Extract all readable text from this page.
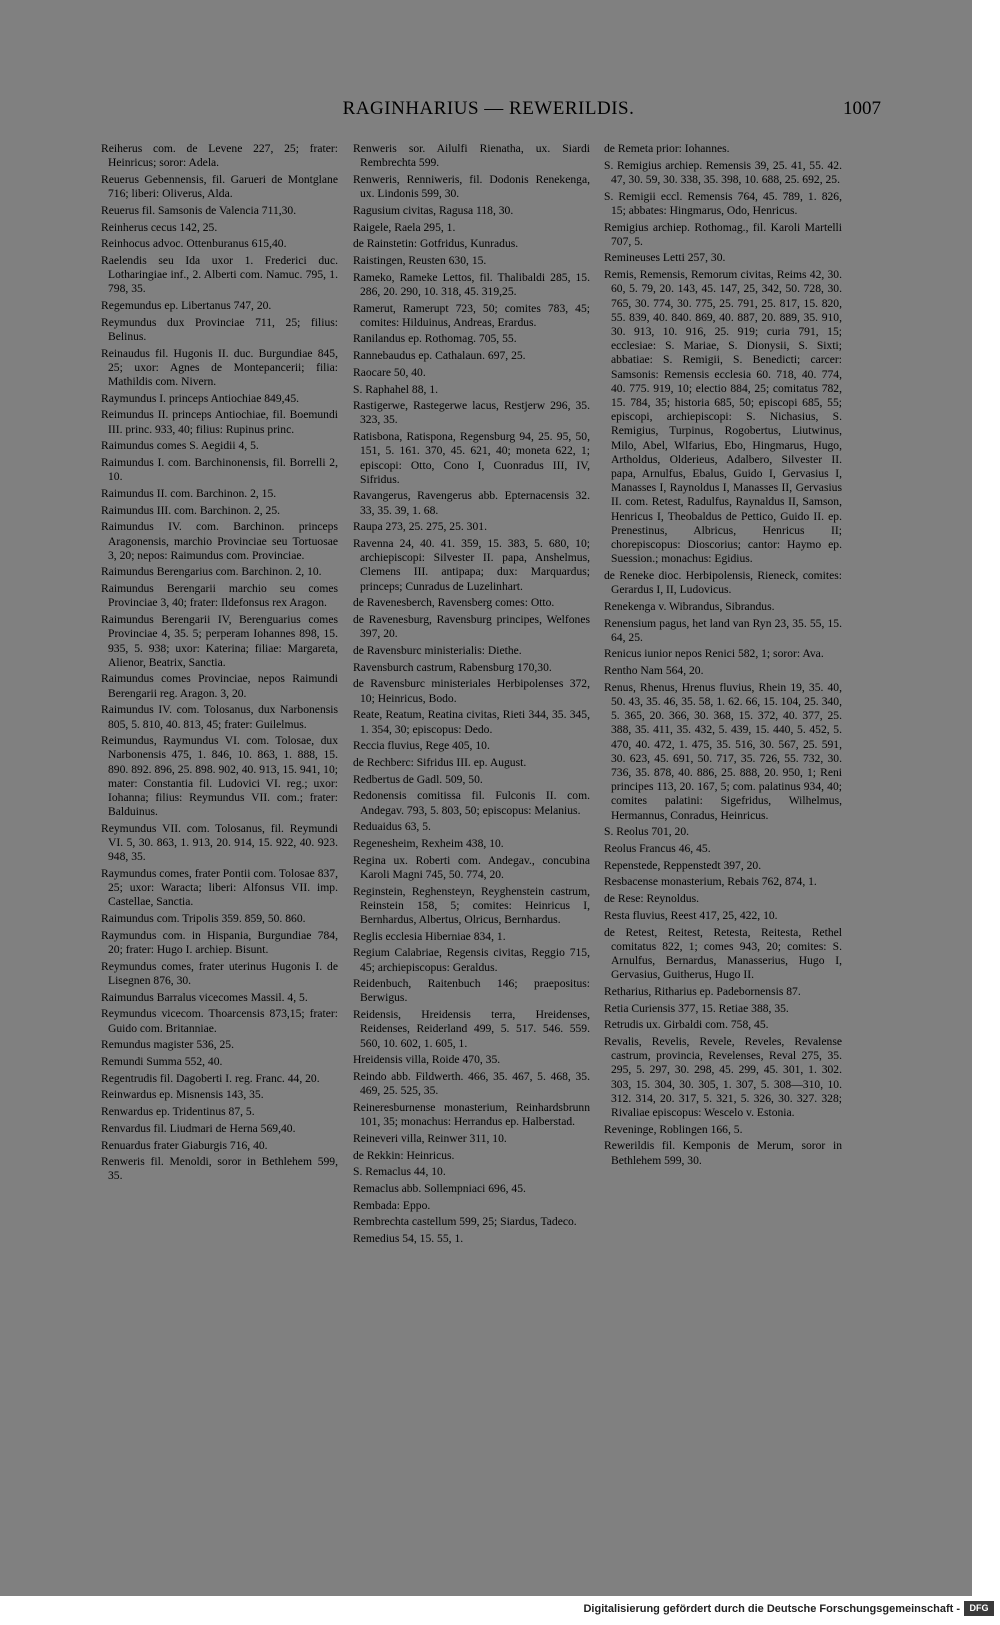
RAGINHARIUS — REWERILDIS.	1007
Reiherus com. de Levene 227, 25; frater: Heinricus; soror: Adela.
Reuerus Gebennensis, fil. Garueri de Montglane 716; liberi: Oliverus, Alda.
Reuerus fil. Samsonis de Valencia 711,30.
Reinherus cecus 142, 25.
Reinhocus advoc. Ottenburanus 615,40.
Raelendis seu Ida uxor 1. Frederici duc. Lotharingiae inf., 2. Alberti com. Namuc. 795, 1. 798, 35.
Regemundus ep. Libertanus 747, 20.
Reymundus dux Provinciae 711, 25; filius: Belinus.
Reinaudus fil. Hugonis II. duc. Burgundiae 845, 25; uxor: Agnes de Montepancerii; filia: Mathildis com. Nivern.
Raymundus I. princeps Antiochiae 849,45.
Reimundus II. princeps Antiochiae, fil. Boemundi III. princ. 933, 40; filius: Rupinus princ.
Raimundus comes S. Aegidii 4, 5.
Raimundus I. com. Barchinonensis, fil. Borrelli 2, 10.
Raimundus II. com. Barchinon. 2, 15.
Raimundus III. com. Barchinon. 2, 25.
Raimundus IV. com. Barchinon. princeps Aragonensis, marchio Provinciae seu Tortuosae 3, 20; nepos: Raimundus com. Provinciae.
Raimundus Berengarius com. Barchinon. 2, 10.
Raimundus Berengarii marchio seu comes Provinciae 3, 40; frater: Ildefonsus rex Aragon.
Raimundus Berengarii IV, Berenguarius comes Provinciae 4, 35. 5; perperam Iohannes 898, 15. 935, 5. 938; uxor: Katerina; filiae: Margareta, Alienor, Beatrix, Sanctia.
Raimundus comes Provinciae, nepos Raimundi Berengarii reg. Aragon. 3, 20.
Raimundus IV. com. Tolosanus, dux Narbonensis 805, 5. 810, 40. 813, 45; frater: Guilelmus.
Reimundus, Raymundus VI. com. Tolosae, dux Narbonensis 475, 1. 846, 10. 863, 1. 888, 15. 890. 892. 896, 25. 898. 902, 40. 913, 15. 941, 10; mater: Constantia fil. Ludovici VI. reg.; uxor: Iohanna; filius: Reymundus VII. com.; frater: Balduinus.
Reymundus VII. com. Tolosanus, fil. Reymundi VI. 5, 30. 863, 1. 913, 20. 914, 15. 922, 40. 923. 948, 35.
Raymundus comes, frater Pontii com. Tolosae 837, 25; uxor: Waracta; liberi: Alfonsus VII. imp. Castellae, Sanctia.
Raimundus com. Tripolis 359. 859, 50. 860.
Raymundus com. in Hispania, Burgundiae 784, 20; frater: Hugo I. archiep. Bisunt.
Reymundus comes, frater uterinus Hugonis I. de Lisegnen 876, 30.
Raimundus Barralus vicecomes Massil. 4, 5.
Reymundus vicecom. Thoarcensis 873,15; frater: Guido com. Britanniae.
Remundus magister 536, 25.
Remundi Summa 552, 40.
Regentrudis fil. Dagoberti I. reg. Franc. 44, 20.
Reinwardus ep. Misnensis 143, 35.
Renwardus ep. Tridentinus 87, 5.
Renvardus fil. Liudmari de Herna 569,40.
Renuardus frater Giaburgis 716, 40.
Renweris fil. Menoldi, soror in Bethlehem 599, 35.
Renweris sor. Ailulfi Rienatha, ux. Siardi Rembrechta 599.
Renweris, Renniweris, fil. Dodonis Renekenga, ux. Lindonis 599, 30.
Ragusium civitas, Ragusa 118, 30.
Raigele, Raela 295, 1.
de Rainstetin: Gotfridus, Kunradus.
Raistingen, Reusten 630, 15.
Rameko, Rameke Lettos, fil. Thalibaldi 285, 15. 286, 20. 290, 10. 318, 45. 319,25.
Ramerut, Ramerupt 723, 50; comites 783, 45; comites: Hilduinus, Andreas, Erardus.
Ranilandus ep. Rothomag. 705, 55.
Rannebaudus ep. Cathalaun. 697, 25.
Raocare 50, 40.
S. Raphahel 88, 1.
Rastigerwe, Rastegerwe lacus, Restjerw 296, 35. 323, 35.
Ratisbona, Ratispona, Regensburg 94, 25. 95, 50, 151, 5. 161. 370, 45. 621, 40; moneta 622, 1; episcopi: Otto, Cono I, Cuonradus III, IV, Sifridus.
Ravangerus, Ravengerus abb. Epternacensis 32. 33, 35. 39, 1. 68.
Raupa 273, 25. 275, 25. 301.
Ravenna 24, 40. 41. 359, 15. 383, 5. 680, 10; archiepiscopi: Silvester II. papa, Anshelmus, Clemens III. antipapa; dux: Marquardus; princeps; Cunradus de Luzelinhart.
de Ravenesberch, Ravensberg comes: Otto.
de Ravenesburg, Ravensburg principes, Welfones 397, 20.
de Ravensburc ministerialis: Diethe.
Ravensburch castrum, Rabensburg 170,30.
de Ravensburc ministeriales Herbipolenses 372, 10; Heinricus, Bodo.
Reate, Reatum, Reatina civitas, Rieti 344, 35. 345, 1. 354, 30; episcopus: Dedo.
Reccia fluvius, Rege 405, 10.
de Rechberc: Sifridus III. ep. August.
Redbertus de Gadl. 509, 50.
Redonensis comitissa fil. Fulconis II. com. Andegav. 793, 5. 803, 50; episcopus: Melanius.
Reduaidus 63, 5.
Regenesheim, Rexheim 438, 10.
Regina ux. Roberti com. Andegav., concubina Karoli Magni 745, 50. 774, 20.
Reginstein, Reghensteyn, Reyghenstein castrum, Reinstein 158, 5; comites: Heinricus I, Bernhardus, Albertus, Olricus, Bernhardus.
Reglis ecclesia Hiberniae 834, 1.
Regium Calabriae, Regensis civitas, Reggio 715, 45; archiepiscopus: Geraldus.
Reidenbuch, Raitenbuch 146; praepositus: Berwigus.
Reidensis, Hreidensis terra, Hreidenses, Reidenses, Reiderland 499, 5. 517. 546. 559. 560, 10. 602, 1. 605, 1.
Hreidensis villa, Roide 470, 35.
Reindo abb. Fildwerth. 466, 35. 467, 5. 468, 35. 469, 25. 525, 35.
Reineresburnense monasterium, Reinhardsbrunn 101, 35; monachus: Herrandus ep. Halberstad.
Reineveri villa, Reinwer 311, 10.
de Rekkin: Heinricus.
S. Remaclus 44, 10.
Remaclus abb. Sollempniaci 696, 45.
Rembada: Eppo.
Rembrechta castellum 599, 25; Siardus, Tadeco.
Remedius 54, 15. 55, 1.
de Remeta prior: Iohannes.
S. Remigius archiep. Remensis 39, 25. 41, 55. 42. 47, 30. 59, 30. 338, 35. 398, 10. 688, 25. 692, 25.
S. Remigii eccl. Remensis 764, 45. 789, 1. 826, 15; abbates: Hingmarus, Odo, Henricus.
Remigius archiep. Rothomag., fil. Karoli Martelli 707, 5.
Remineuses Letti 257, 30.
Remis, Remensis, Remorum civitas, Reims 42, 30. 60, 5. 79, 20. 143, 45. 147, 25, 342, 50. 728, 30. 765, 30. 774, 30. 775, 25. 791, 25. 817, 15. 820, 55. 839, 40. 840. 869, 40. 887, 20. 889, 35. 910, 30. 913, 10. 916, 25. 919; curia 791, 15; ecclesiae: S. Mariae, S. Dionysii, S. Sixti; abbatiae: S. Remigii, S. Benedicti; carcer: Samsonis: Remensis ecclesia 60. 718, 40. 774, 40. 775. 919, 10; electio 884, 25; comitatus 782, 15. 784, 35; historia 685, 50; episcopi 685, 55; episcopi, archiepiscopi: S. Nichasius, S. Remigius, Turpinus, Rogobertus, Liutwinus, Milo, Abel, Wlfarius, Ebo, Hingmarus, Hugo, Artholdus, Olderieus, Adalbero, Silvester II. papa, Arnulfus, Ebalus, Guido I, Gervasius I, Manasses I, Raynoldus I, Manasses II, Gervasius II. com. Retest, Radulfus, Raynaldus II, Samson, Henricus I, Theobaldus de Pettico, Guido II. ep. Prenestinus, Albricus, Henricus II; chorepiscopus: Dioscorius; cantor: Haymo ep. Suession.; monachus: Egidius.
de Reneke dioc. Herbipolensis, Rieneck, comites: Gerardus I, II, Ludovicus.
Renekenga v. Wibrandus, Sibrandus.
Renensium pagus, het land van Ryn 23, 35. 55, 15. 64, 25.
Renicus iunior nepos Renici 582, 1; soror: Ava.
Rentho Nam 564, 20.
Renus, Rhenus, Hrenus fluvius, Rhein 19, 35. 40, 50. 43, 35. 46, 35. 58, 1. 62. 66, 15. 104, 25. 340, 5. 365, 20. 366, 30. 368, 15. 372, 40. 377, 25. 388, 35. 411, 35. 432, 5. 439, 15. 440, 5. 452, 5. 470, 40. 472, 1. 475, 35. 516, 30. 567, 25. 591, 30. 623, 45. 691, 50. 717, 35. 726, 55. 732, 30. 736, 35. 878, 40. 886, 25. 888, 20. 950, 1; Reni principes 113, 20. 167, 5; com. palatinus 934, 40; comites palatini: Sigefridus, Wilhelmus, Hermannus, Conradus, Heinricus.
S. Reolus 701, 20.
Reolus Francus 46, 45.
Repenstede, Reppenstedt 397, 20.
Resbacense monasterium, Rebais 762, 874, 1.
de Rese: Reynoldus.
Resta fluvius, Reest 417, 25, 422, 10.
de Retest, Reitest, Retesta, Reitesta, Rethel comitatus 822, 1; comes 943, 20; comites: S. Arnulfus, Bernardus, Manasserius, Hugo I, Gervasius, Guitherus, Hugo II.
Retharius, Ritharius ep. Padebornensis 87.
Retia Curiensis 377, 15. Retiae 388, 35.
Retrudis ux. Girbaldi com. 758, 45.
Revalis, Revelis, Revele, Reveles, Revalense castrum, provincia, Revelenses, Reval 275, 35. 295, 5. 297, 30. 298, 45. 299, 45. 301, 1. 302. 303, 15. 304, 30. 305, 1. 307, 5. 308—310, 10. 312. 314, 20. 317, 5. 321, 5. 326, 30. 327. 328; Rivaliae episcopus: Wescelo v. Estonia.
Reveninge, Roblingen 166, 5.
Rewerildis fil. Kemponis de Merum, soror in Bethlehem 599, 30.
Digitalisierung gefördert durch die Deutsche Forschungsgemeinschaft -	DFG
